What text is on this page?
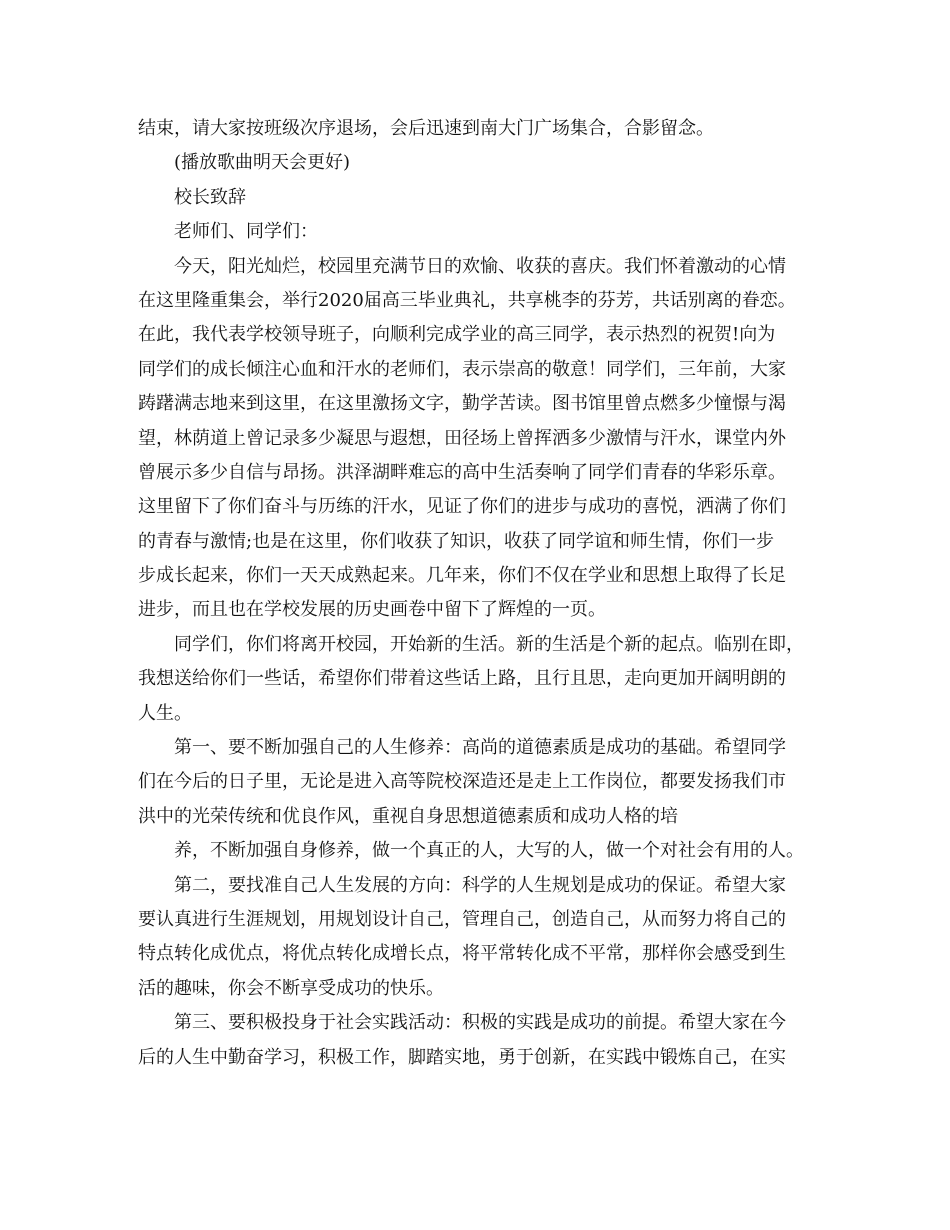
结束，请大家按班级次序退场，会后迅速到南大门广场集合，合影留念。
(播放歌曲明天会更好)
校长致辞
老师们、同学们：
今天，阳光灿烂，校园里充满节日的欢愉、收获的喜庆。我们怀着激动的心情
在这里隆重集会，举行2020届高三毕业典礼，共享桃李的芬芳，共话别离的眷恋。
在此，我代表学校领导班子，向顺利完成学业的高三同学，表示热烈的祝贺!向为
同学们的成长倾注心血和汗水的老师们，表示崇高的敬意！同学们，三年前，大家
踌躇满志地来到这里，在这里激扬文字，勤学苦读。图书馆里曾点燃多少憧憬与渴
望，林荫道上曾记录多少凝思与遐想，田径场上曾挥洒多少激情与汗水，课堂内外
曾展示多少自信与昂扬。洪泽湖畔难忘的高中生活奏响了同学们青春的华彩乐章。
这里留下了你们奋斗与历练的汗水，见证了你们的进步与成功的喜悦，洒满了你们
的青春与激情;也是在这里，你们收获了知识，收获了同学谊和师生情，你们一步
步成长起来，你们一天天成熟起来。几年来，你们不仅在学业和思想上取得了长足
进步，而且也在学校发展的历史画卷中留下了辉煌的一页。
同学们，你们将离开校园，开始新的生活。新的生活是个新的起点。临别在即，
我想送给你们一些话，希望你们带着这些话上路，且行且思，走向更加开阔明朗的
人生。
第一、要不断加强自己的人生修养：高尚的道德素质是成功的基础。希望同学
们在今后的日子里，无论是进入高等院校深造还是走上工作岗位，都要发扬我们市
洪中的光荣传统和优良作风，重视自身思想道德素质和成功人格的培
养，不断加强自身修养，做一个真正的人，大写的人，做一个对社会有用的人。
第二，要找准自己人生发展的方向：科学的人生规划是成功的保证。希望大家
要认真进行生涯规划，用规划设计自己，管理自己，创造自己，从而努力将自己的
特点转化成优点，将优点转化成增长点，将平常转化成不平常，那样你会感受到生
活的趣味，你会不断享受成功的快乐。
第三、要积极投身于社会实践活动：积极的实践是成功的前提。希望大家在今
后的人生中勤奋学习，积极工作，脚踏实地，勇于创新，在实践中锻炼自己，在实
